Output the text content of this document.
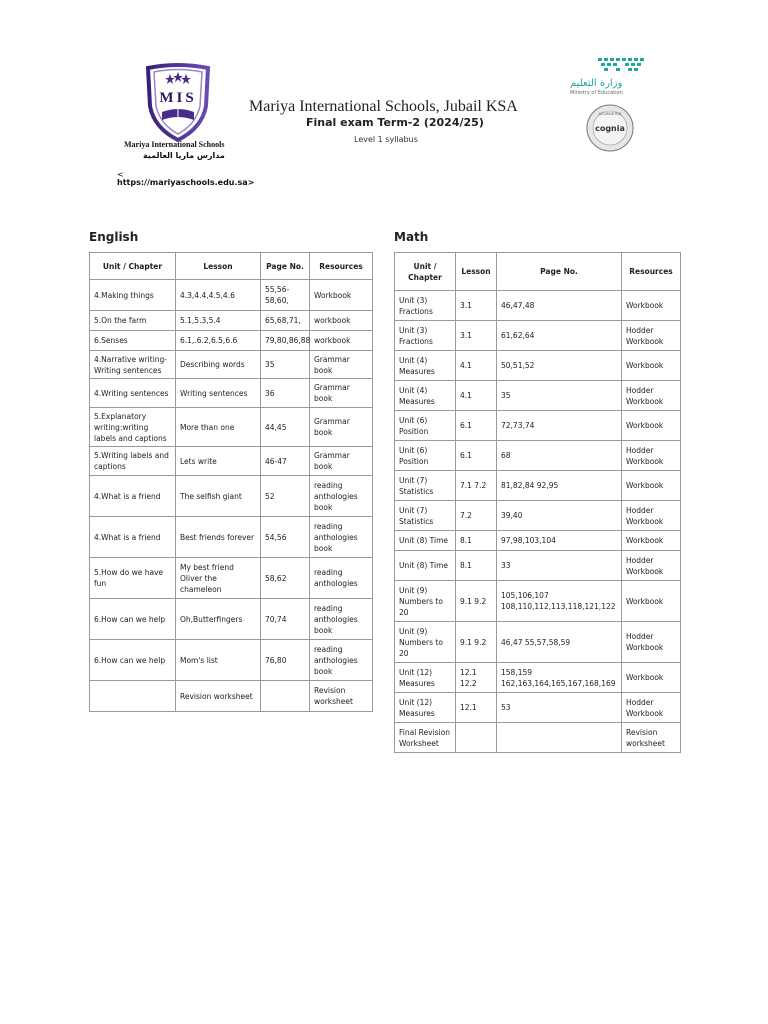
MIS
Mariya International Schools
مدارس ماريا العالمية
وزارة التعليم
Ministry of Education
ACCREDITED
cognia
Mariya International Schools, Jubail KSA
Final exam Term-2 (2024/25)
Level 1 syllabus
<
https://mariyaschools.edu.sa>
English	Math
Unit / Chapter	Lesson	Page No.	Resources
4.Making things	4.3,4.4,4.5,4.6	55,56-58,60,	Workbook
5.On the farm	5.1,5.3,5.4	65,68,71,	workbook
6.Senses	6.1,.6.2,6.5,6.6	79,80,86,88	workbook
4.Narrative writing-Writing sentences	Describing words	35	Grammar book
4.Writing sentences	Writing sentences	36	Grammar book
5.Explanatory writing:writing labels and captions	More than one	44,45	Grammar book
5.Writing labels and captions	Lets write	46-47	Grammar book
4.What is a friend	The selfish giant	52	reading anthologies book
4.What is a friend	Best friends forever	54,56	reading anthologies book
5.How do we have fun	My best friend Oliver the chameleon	58,62	reading anthologies
6.How can we help	Oh,Butterfingers	70,74	reading anthologies book
6.How can we help	Mom's list	76,80	reading anthologies book
	Revision worksheet		Revision worksheet
Unit / Chapter	Lesson	Page No.	Resources
Unit (3) Fractions	3.1	46,47,48	Workbook
Unit (3) Fractions	3.1	61,62,64	Hodder Workbook
Unit (4) Measures	4.1	50,51,52	Workbook
Unit (4) Measures	4.1	35	Hodder Workbook
Unit (6) Position	6.1	72,73,74	Workbook
Unit (6) Position	6.1	68	Hodder Workbook
Unit (7) Statistics	7.1 7.2	81,82,84 92,95	Workbook
Unit (7) Statistics	7.2	39,40	Hodder Workbook
Unit (8) Time	8.1	97,98,103,104	Workbook
Unit (8) Time	8.1	33	Hodder Workbook
Unit (9) Numbers to 20	9.1 9.2	105,106,107 108,110,112,113,118,121,122	Workbook
Unit (9) Numbers to 20	9.1 9.2	46,47 55,57,58,59	Hodder Workbook
Unit (12) Measures	12.1 12.2	158,159 162,163,164,165,167,168,169	Workbook
Unit (12) Measures	12.1	53	Hodder Workbook
Final Revision Worksheet			Revision worksheet
